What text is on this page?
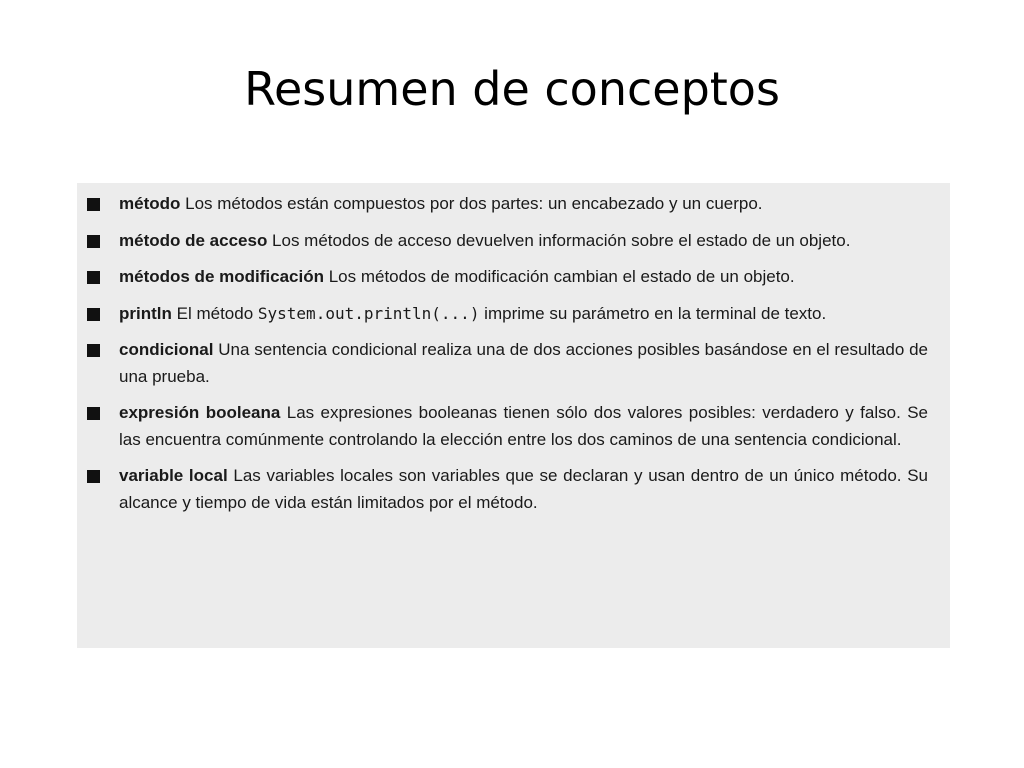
Resumen de conceptos
método Los métodos están compuestos por dos partes: un encabezado y un cuerpo.
método de acceso Los métodos de acceso devuelven información sobre el estado de un objeto.
métodos de modificación Los métodos de modificación cambian el estado de un objeto.
println El método System.out.println(...) imprime su parámetro en la terminal de texto.
condicional Una sentencia condicional realiza una de dos acciones posibles basándose en el resultado de una prueba.
expresión booleana Las expresiones booleanas tienen sólo dos valores posibles: verdadero y falso. Se las encuentra comúnmente controlando la elección entre los dos caminos de una sentencia condicional.
variable local Las variables locales son variables que se declaran y usan dentro de un único método. Su alcance y tiempo de vida están limitados por el método.
